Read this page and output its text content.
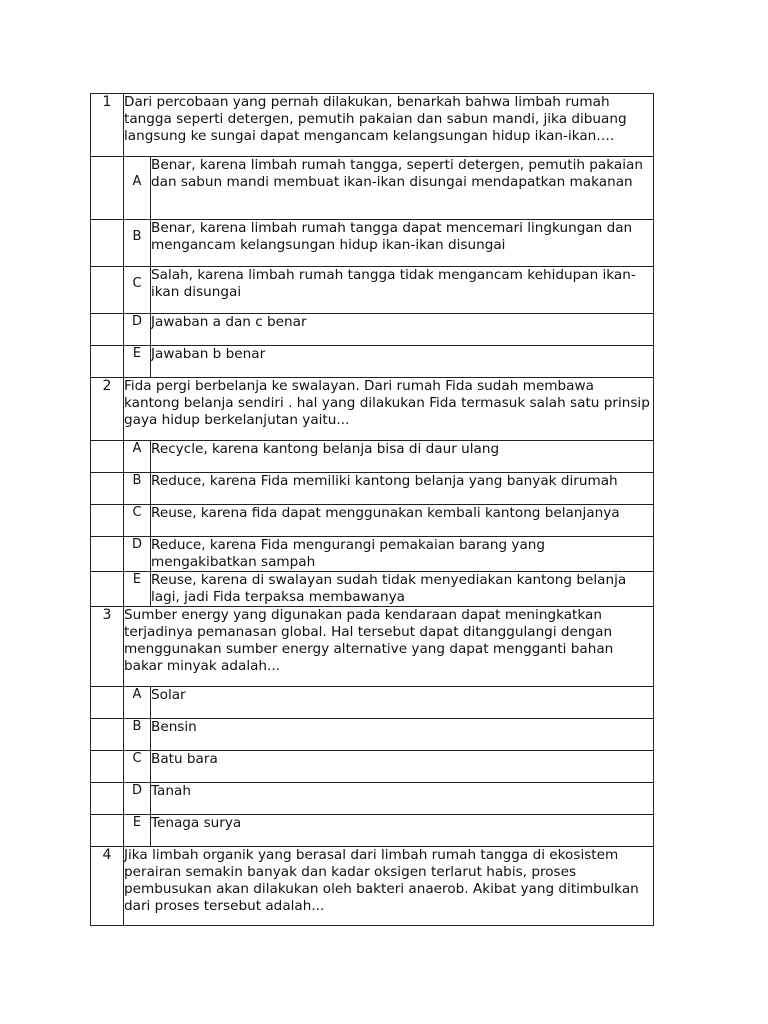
1	Dari percobaan yang pernah dilakukan, benarkah bahwa limbah rumah tangga seperti detergen, pemutih pakaian dan sabun mandi, jika dibuang langsung ke sungai dapat mengancam kelangsungan hidup ikan-ikan….	
	A	Benar, karena limbah rumah tangga, seperti detergen, pemutih pakaian dan sabun mandi membuat ikan-ikan disungai mendapatkan makanan
	B	Benar, karena limbah rumah tangga dapat mencemari lingkungan dan mengancam kelangsungan hidup ikan-ikan disungai
	C	Salah, karena limbah rumah tangga tidak mengancam kehidupan ikan-ikan disungai
	D	Jawaban a dan c benar
	E	Jawaban b benar
2	Fida pergi berbelanja ke swalayan. Dari rumah Fida sudah membawa kantong belanja sendiri . hal yang dilakukan Fida termasuk salah satu prinsip gaya hidup berkelanjutan yaitu...	
	A	Recycle, karena kantong belanja bisa di daur ulang
	B	Reduce, karena Fida memiliki kantong belanja yang banyak dirumah
	C	Reuse, karena fida dapat menggunakan kembali kantong belanjanya
	D	Reduce, karena Fida mengurangi pemakaian barang yang mengakibatkan sampah
	E	Reuse, karena di swalayan sudah tidak menyediakan kantong belanja lagi, jadi Fida terpaksa membawanya
3	Sumber energy yang digunakan pada kendaraan dapat meningkatkan terjadinya pemanasan global. Hal tersebut dapat ditanggulangi dengan menggunakan sumber energy alternative yang dapat mengganti bahan bakar minyak adalah...	
	A	Solar
	B	Bensin
	C	Batu bara
	D	Tanah
	E	Tenaga surya
4	Jika limbah organik yang berasal dari limbah rumah tangga di ekosistem perairan semakin banyak dan kadar oksigen terlarut habis, proses pembusukan akan dilakukan oleh bakteri anaerob. Akibat yang ditimbulkan dari proses tersebut adalah...	
